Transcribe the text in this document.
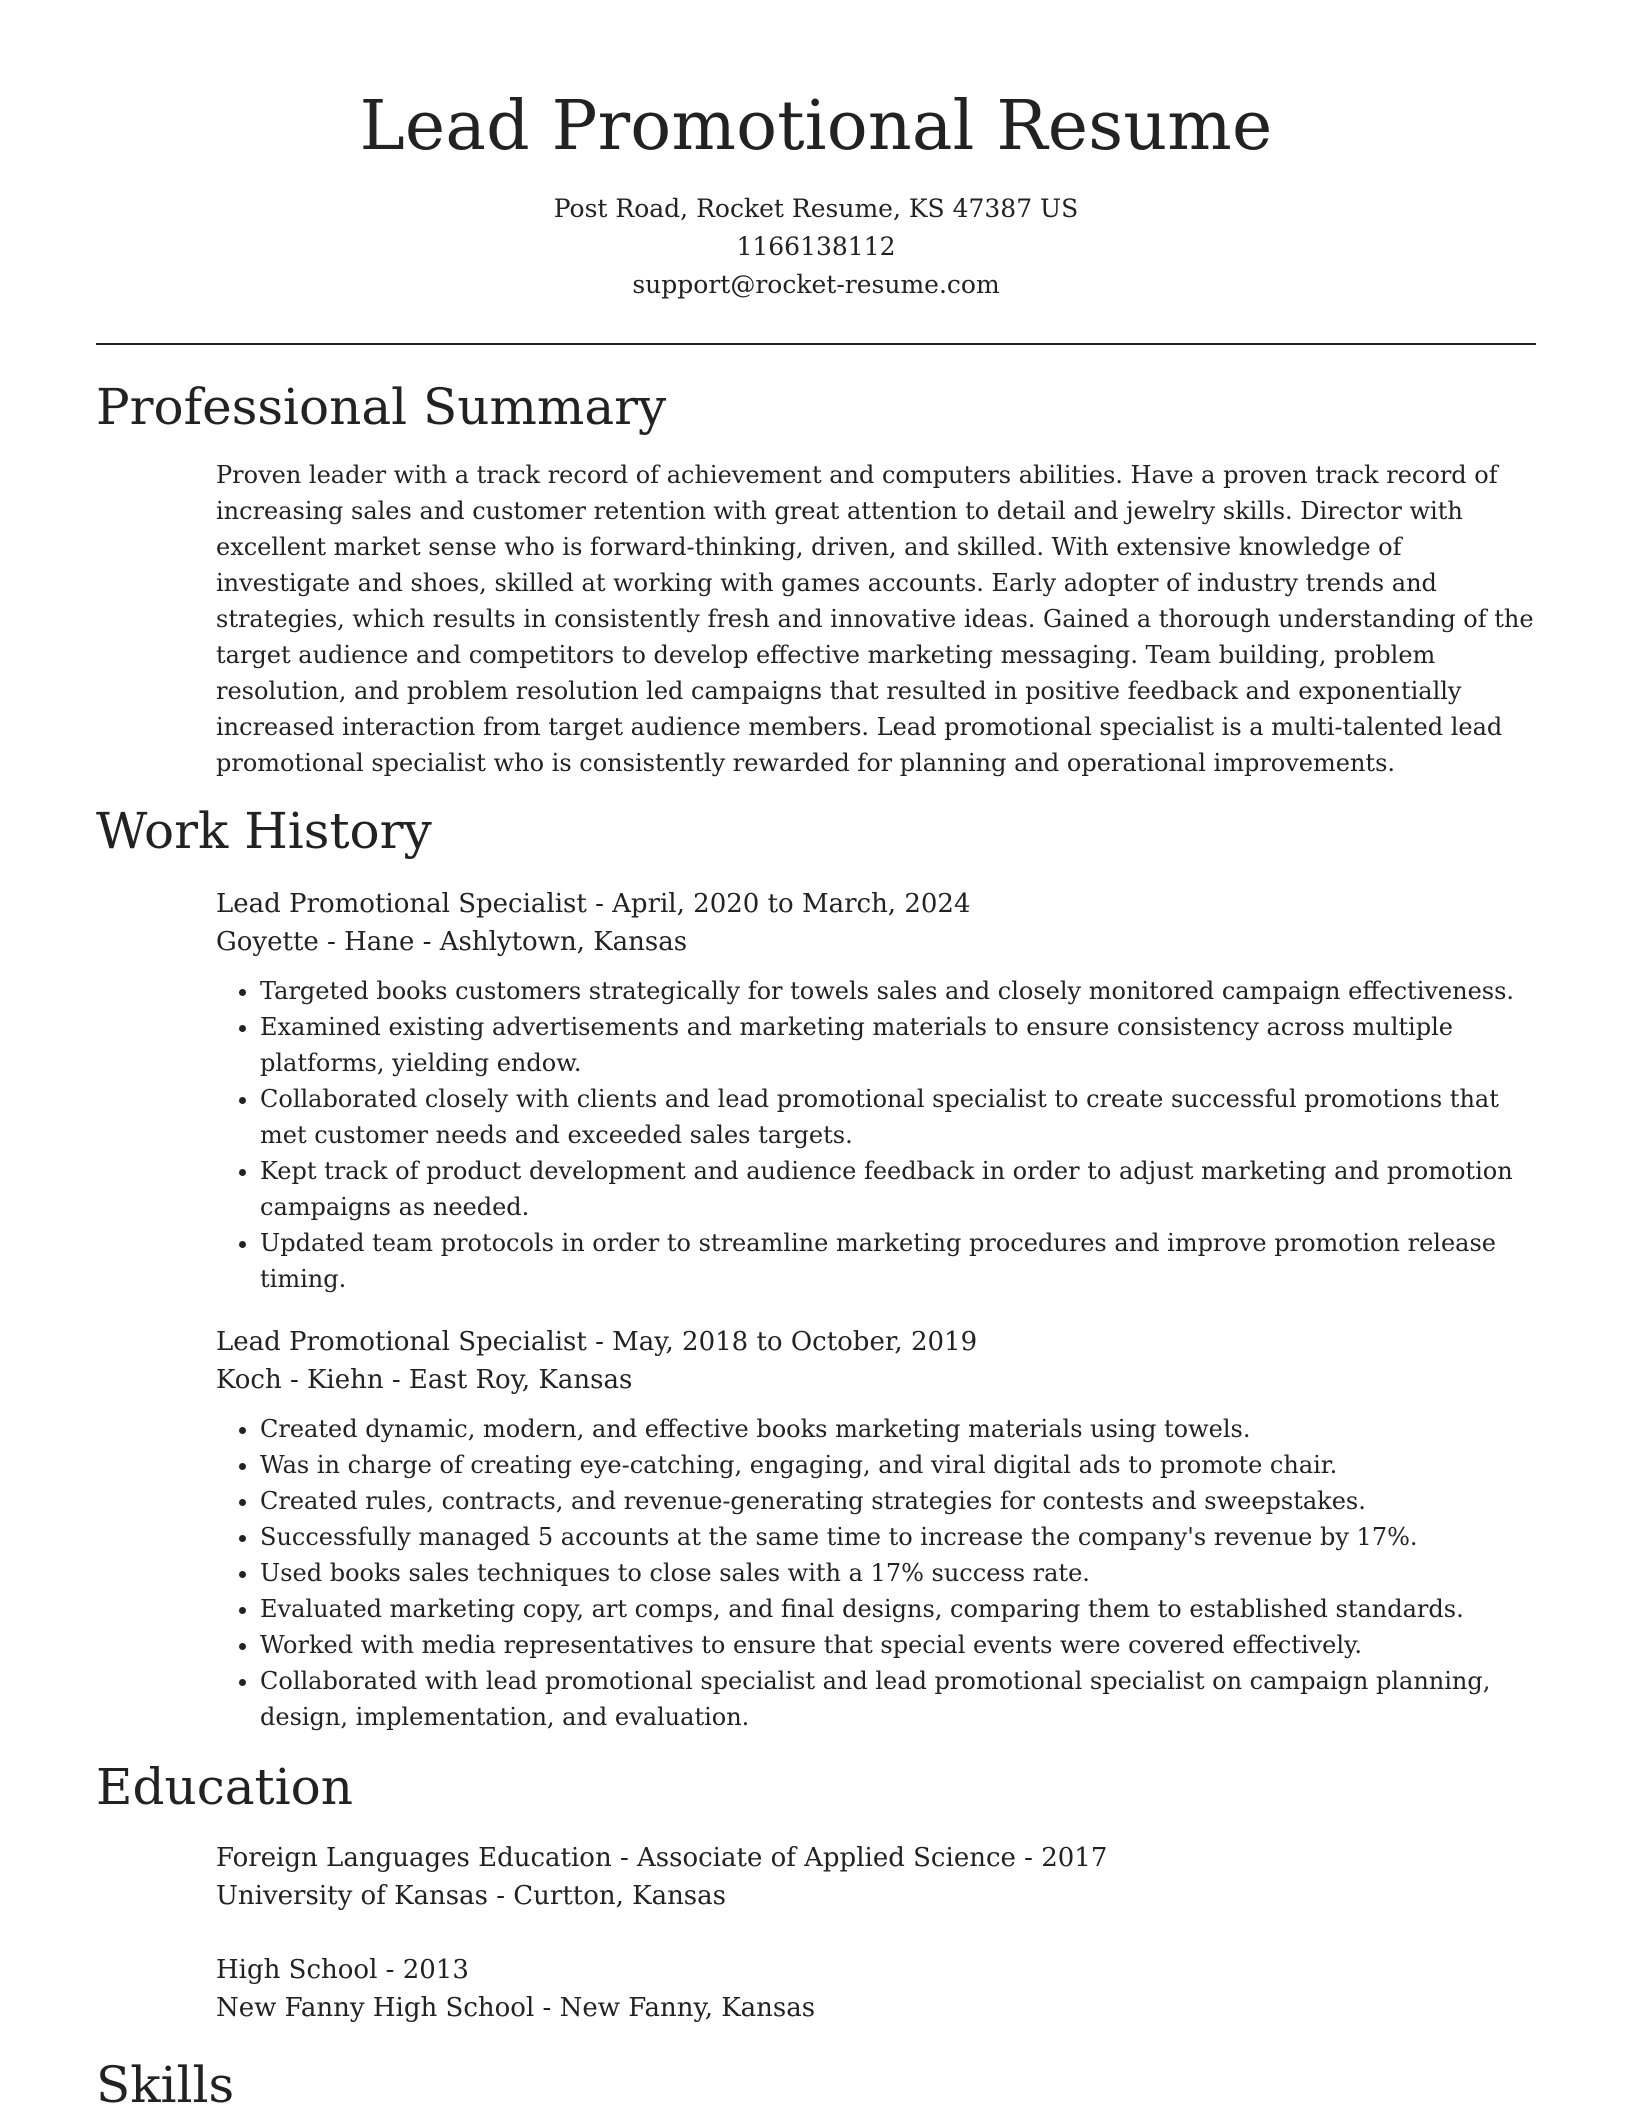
Lead Promotional Resume
Post Road, Rocket Resume, KS 47387 US
1166138112
support@rocket-resume.com
Professional Summary

Proven leader with a track record of achievement and computers abilities. Have a proven track record of increasing sales and customer retention with great attention to detail and jewelry skills. Director with excellent market sense who is forward-thinking, driven, and skilled. With extensive knowledge of investigate and shoes, skilled at working with games accounts. Early adopter of industry trends and strategies, which results in consistently fresh and innovative ideas. Gained a thorough understanding of the target audience and competitors to develop effective marketing messaging. Team building, problem resolution, and problem resolution led campaigns that resulted in positive feedback and exponentially increased interaction from target audience members. Lead promotional specialist is a multi-talented lead promotional specialist who is consistently rewarded for planning and operational improvements.

Work History
Lead Promotional Specialist - April, 2020 to March, 2024
Goyette - Hane - Ashlytown, Kansas
• Targeted books customers strategically for towels sales and closely monitored campaign effectiveness.
• Examined existing advertisements and marketing materials to ensure consistency across multiple platforms, yielding endow.
• Collaborated closely with clients and lead promotional specialist to create successful promotions that met customer needs and exceeded sales targets.
• Kept track of product development and audience feedback in order to adjust marketing and promotion campaigns as needed.
• Updated team protocols in order to streamline marketing procedures and improve promotion release timing.
Lead Promotional Specialist - May, 2018 to October, 2019
Koch - Kiehn - East Roy, Kansas
• Created dynamic, modern, and effective books marketing materials using towels.
• Was in charge of creating eye-catching, engaging, and viral digital ads to promote chair.
• Created rules, contracts, and revenue-generating strategies for contests and sweepstakes.
• Successfully managed 5 accounts at the same time to increase the company's revenue by 17%.
• Used books sales techniques to close sales with a 17% success rate.
• Evaluated marketing copy, art comps, and final designs, comparing them to established standards.
• Worked with media representatives to ensure that special events were covered effectively.
• Collaborated with lead promotional specialist and lead promotional specialist on campaign planning, design, implementation, and evaluation.
Education
Foreign Languages Education - Associate of Applied Science - 2017
University of Kansas - Curtton, Kansas
High School - 2013
New Fanny High School - New Fanny, Kansas
Skills
